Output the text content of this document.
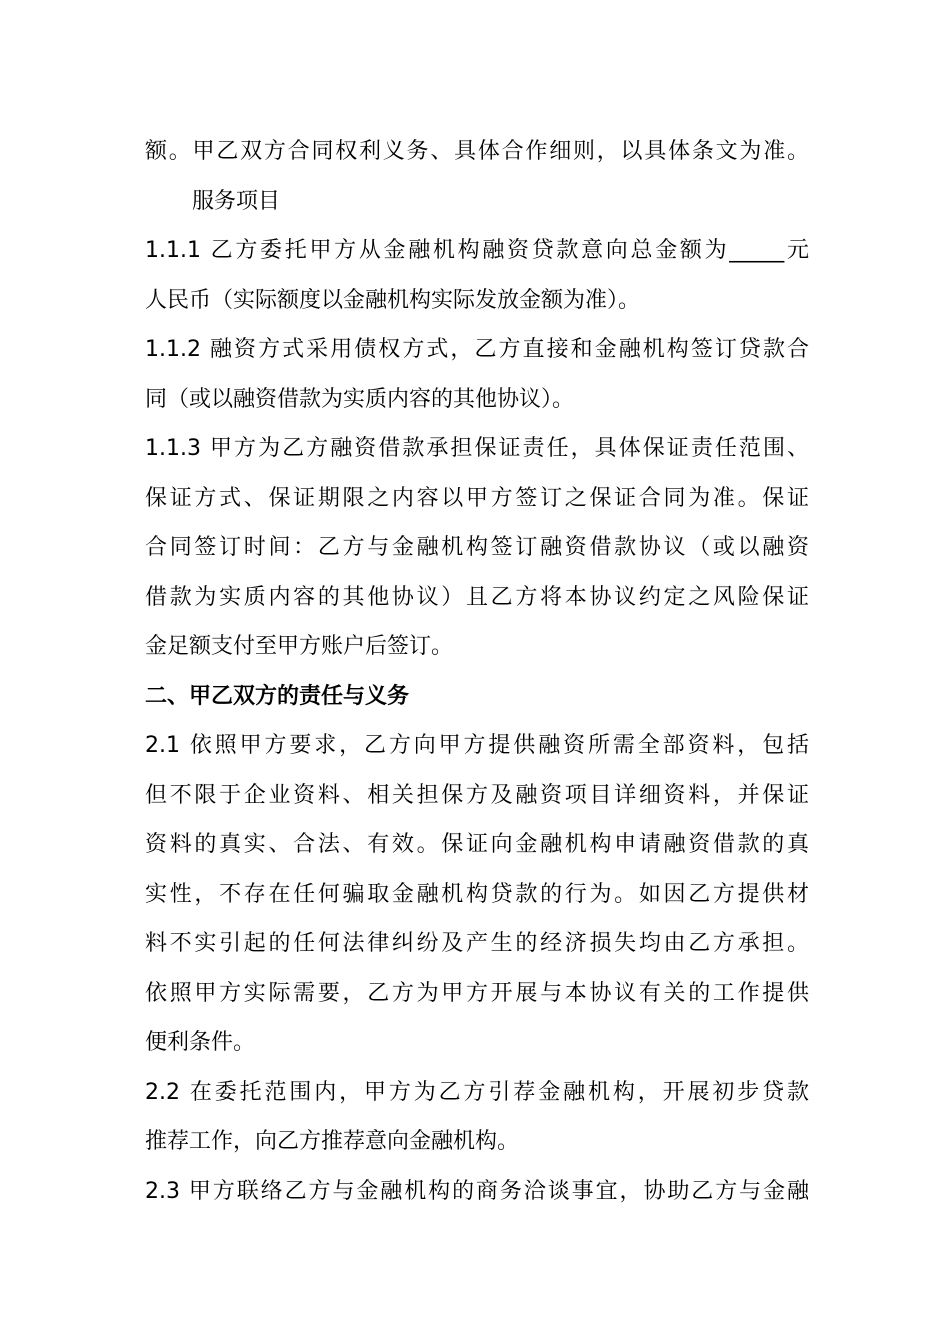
额。甲乙双方合同权利义务、具体合作细则，以具体条文为准。
服务项目
1.1.1 乙方委托甲方从金融机构融资贷款意向总金额为_____元
人民币（实际额度以金融机构实际发放金额为准）。
1.1.2 融资方式采用债权方式，乙方直接和金融机构签订贷款合
同（或以融资借款为实质内容的其他协议）。
1.1.3 甲方为乙方融资借款承担保证责任，具体保证责任范围、
保证方式、保证期限之内容以甲方签订之保证合同为准。保证
合同签订时间：乙方与金融机构签订融资借款协议（或以融资
借款为实质内容的其他协议）且乙方将本协议约定之风险保证
金足额支付至甲方账户后签订。
二、甲乙双方的责任与义务
2.1 依照甲方要求，乙方向甲方提供融资所需全部资料，包括
但不限于企业资料、相关担保方及融资项目详细资料，并保证
资料的真实、合法、有效。保证向金融机构申请融资借款的真
实性，不存在任何骗取金融机构贷款的行为。如因乙方提供材
料不实引起的任何法律纠纷及产生的经济损失均由乙方承担。
依照甲方实际需要，乙方为甲方开展与本协议有关的工作提供
便利条件。
2.2 在委托范围内，甲方为乙方引荐金融机构，开展初步贷款
推荐工作，向乙方推荐意向金融机构。
2.3 甲方联络乙方与金融机构的商务洽谈事宜，协助乙方与金融
